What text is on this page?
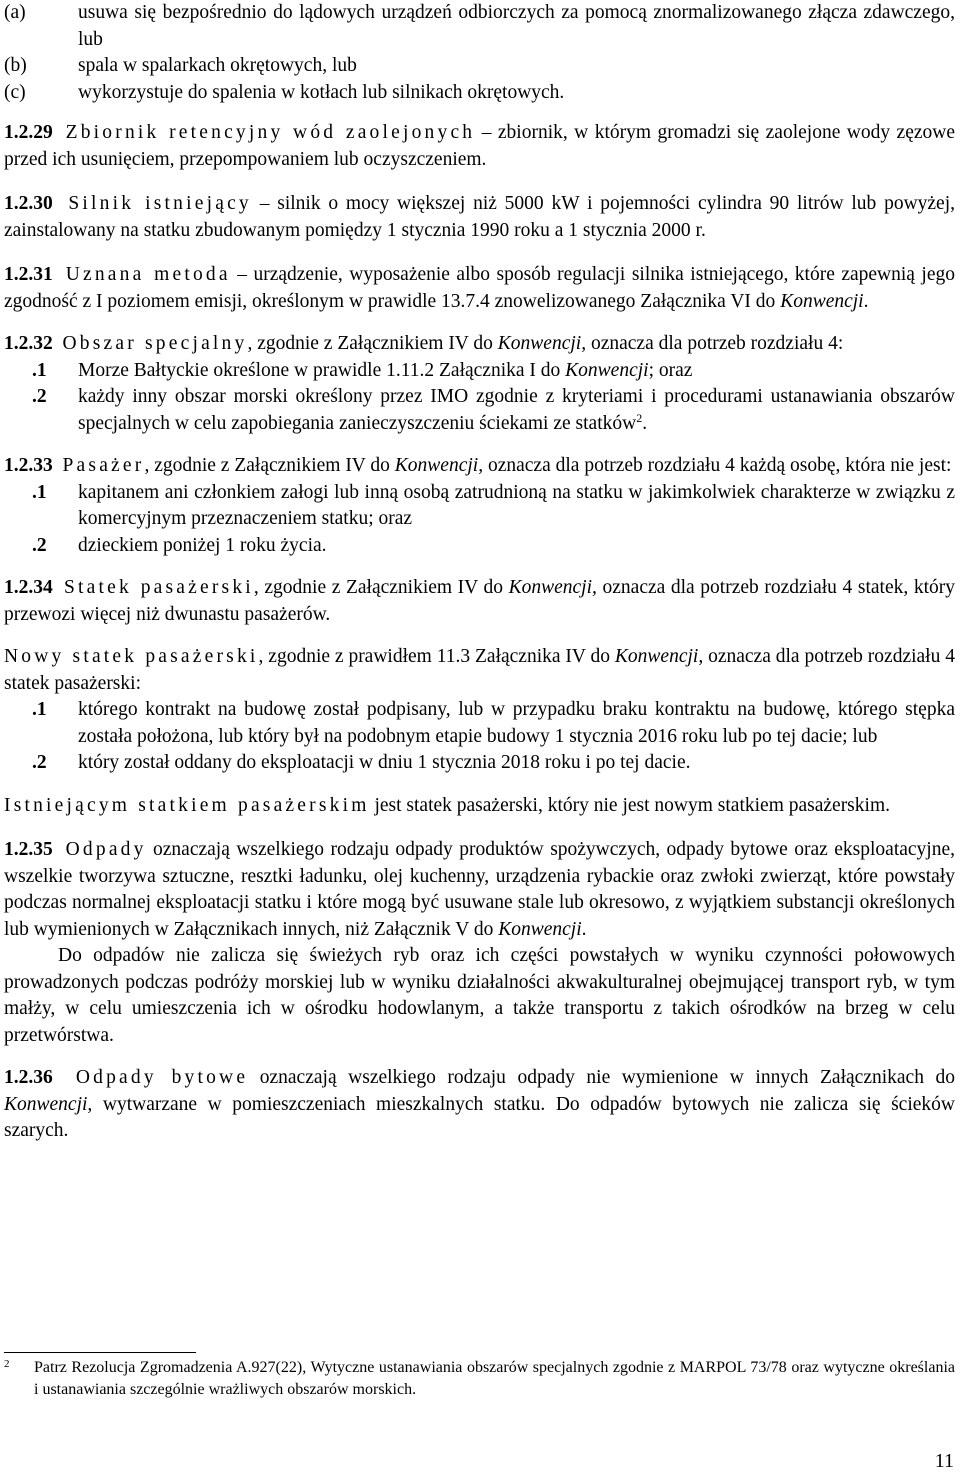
(a)	usuwa się bezpośrednio do lądowych urządzeń odbiorczych za pomocą znormalizowanego złącza zdawczego, lub
(b)	spala w spalarkach okrętowych, lub
(c)	wykorzystuje do spalenia w kotłach lub silnikach okrętowych.

1.2.29 Zbiornik retencyjny wód zaolejonych – zbiornik, w którym gromadzi się zaolejone wody zęzowe przed ich usunięciem, przepompowaniem lub oczyszczeniem.

1.2.30 Silnik istniejący – silnik o mocy większej niż 5000 kW i pojemności cylindra 90 litrów lub powyżej, zainstalowany na statku zbudowanym pomiędzy 1 stycznia 1990 roku a 1 stycznia 2000 r.

1.2.31 Uznana metoda – urządzenie, wyposażenie albo sposób regulacji silnika istniejącego, które zapewnią jego zgodność z I poziomem emisji, określonym w prawidle 13.7.4 znowelizowanego Załącznika VI do Konwencji.

1.2.32 Obszar specjalny, zgodnie z Załącznikiem IV do Konwencji, oznacza dla potrzeb rozdziału 4:

.1 Morze Bałtyckie określone w prawidle 1.11.2 Załącznika I do Konwencji; oraz
.2 każdy inny obszar morski określony przez IMO zgodnie z kryteriami i procedurami ustanawiania obszarów specjalnych w celu zapobiegania zanieczyszczeniu ściekami ze statków$^2$.

1.2.33 Pasażer, zgodnie z Załącznikiem IV do Konwencji, oznacza dla potrzeb rozdziału 4 każdą osobę, która nie jest:

.1 kapitanem ani członkiem załogi lub inną osobą zatrudnioną na statku w jakimkolwiek charakterze w związku z komercyjnym przeznaczeniem statku; oraz
.2 dzieckiem poniżej 1 roku życia.

1.2.34 Statek pasażerski, zgodnie z Załącznikiem IV do Konwencji, oznacza dla potrzeb rozdziału 4 statek, który przewozi więcej niż dwunastu pasażerów.

Nowy statek pasażerski, zgodnie z prawidłem 11.3 Załącznika IV do Konwencji, oznacza dla potrzeb rozdziału 4 statek pasażerski:

.1 którego kontrakt na budowę został podpisany, lub w przypadku braku kontraktu na budowę, którego stępka została położona, lub który był na podobnym etapie budowy 1 stycznia 2016 roku lub po tej dacie; lub
.2 który został oddany do eksploatacji w dniu 1 stycznia 2018 roku i po tej dacie.

Istniejącym statkiem pasażerskim jest statek pasażerski, który nie jest nowym statkiem pasażerskim.

1.2.35 Odpady oznaczają wszelkiego rodzaju odpady produktów spożywczych, odpady bytowe oraz eksploatacyjne, wszelkie tworzywa sztuczne, resztki ładunku, olej kuchenny, urządzenia rybackie oraz zwłoki zwierząt, które powstały podczas normalnej eksploatacji statku i które mogą być usuwane stale lub okresowo, z wyjątkiem substancji określonych lub wymienionych w Załącznikach innych, niż Załącznik V do Konwencji.

Do odpadów nie zalicza się świeżych ryb oraz ich części powstałych w wyniku czynności połowowych prowadzonych podczas podróży morskiej lub w wyniku działalności akwakulturalnej obejmującej transport ryb, w tym małży, w celu umieszczenia ich w ośrodku hodowlanym, a także transportu z takich ośrodków na brzeg w celu przetwórstwa.

1.2.36 Odpady bytowe oznaczają wszelkiego rodzaju odpady nie wymienione w innych Załącznikach do Konwencji, wytwarzane w pomieszczeniach mieszkalnych statku. Do odpadów bytowych nie zalicza się ścieków szarych.

2	Patrz Rezolucja Zgromadzenia A.927(22), Wytyczne ustanawiania obszarów specjalnych zgodnie z MARPOL 73/78 oraz wytyczne określania i ustanawiania szczególnie wrażliwych obszarów morskich.
11
